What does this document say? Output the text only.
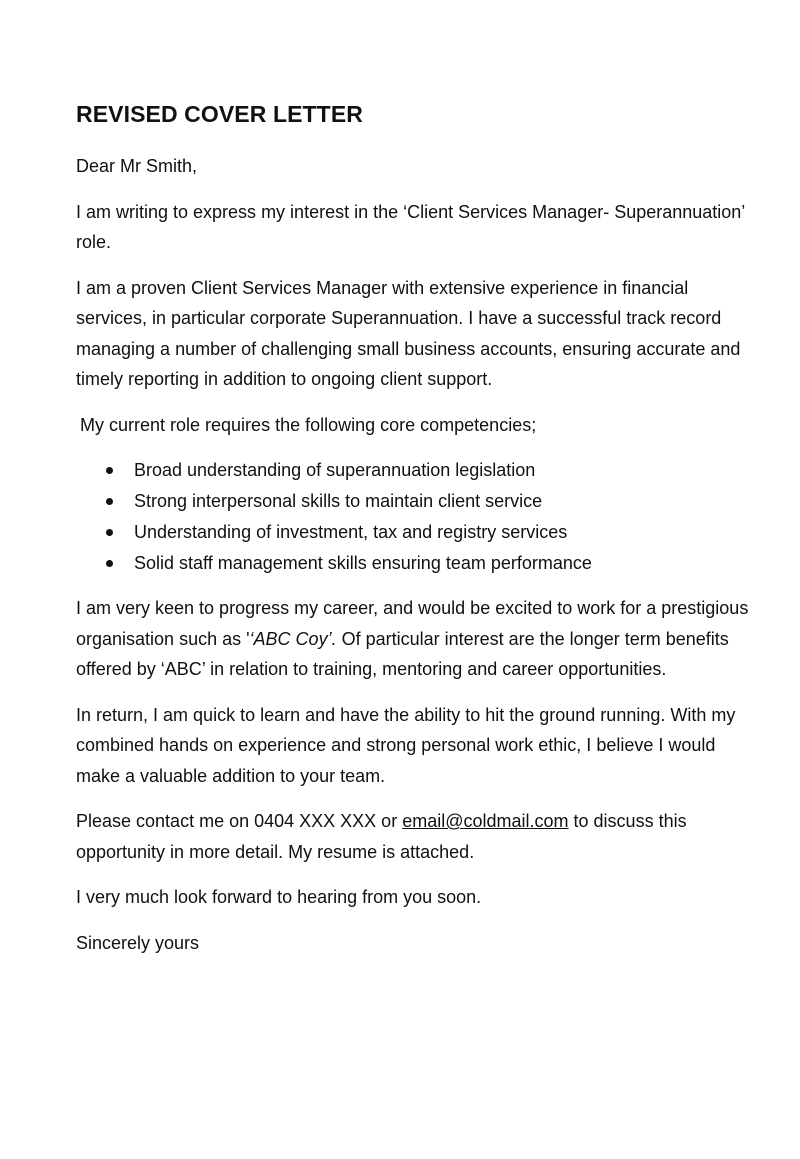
REVISED COVER LETTER

Dear Mr Smith,

I am writing to express my interest in the ‘Client Services Manager- Superannuation’ role.

I am a proven Client Services Manager with extensive experience in financial services, in particular corporate Superannuation. I have a successful track record managing a number of challenging small business accounts, ensuring accurate and timely reporting in addition to ongoing client support.

My current role requires the following core competencies;

Broad understanding of superannuation legislation
Strong interpersonal skills to maintain client service
Understanding of investment, tax and registry services
Solid staff management skills ensuring team performance

I am very keen to progress my career, and would be excited to work for a prestigious organisation such as '‘ABC Coy’. Of particular interest are the longer term benefits offered by ‘ABC’ in relation to training, mentoring and career opportunities.

In return, I am quick to learn and have the ability to hit the ground running. With my combined hands on experience and strong personal work ethic, I believe I would make a valuable addition to your team.

Please contact me on 0404 XXX XXX or email@coldmail.com to discuss this opportunity in more detail. My resume is attached.

I very much look forward to hearing from you soon.

Sincerely yours
